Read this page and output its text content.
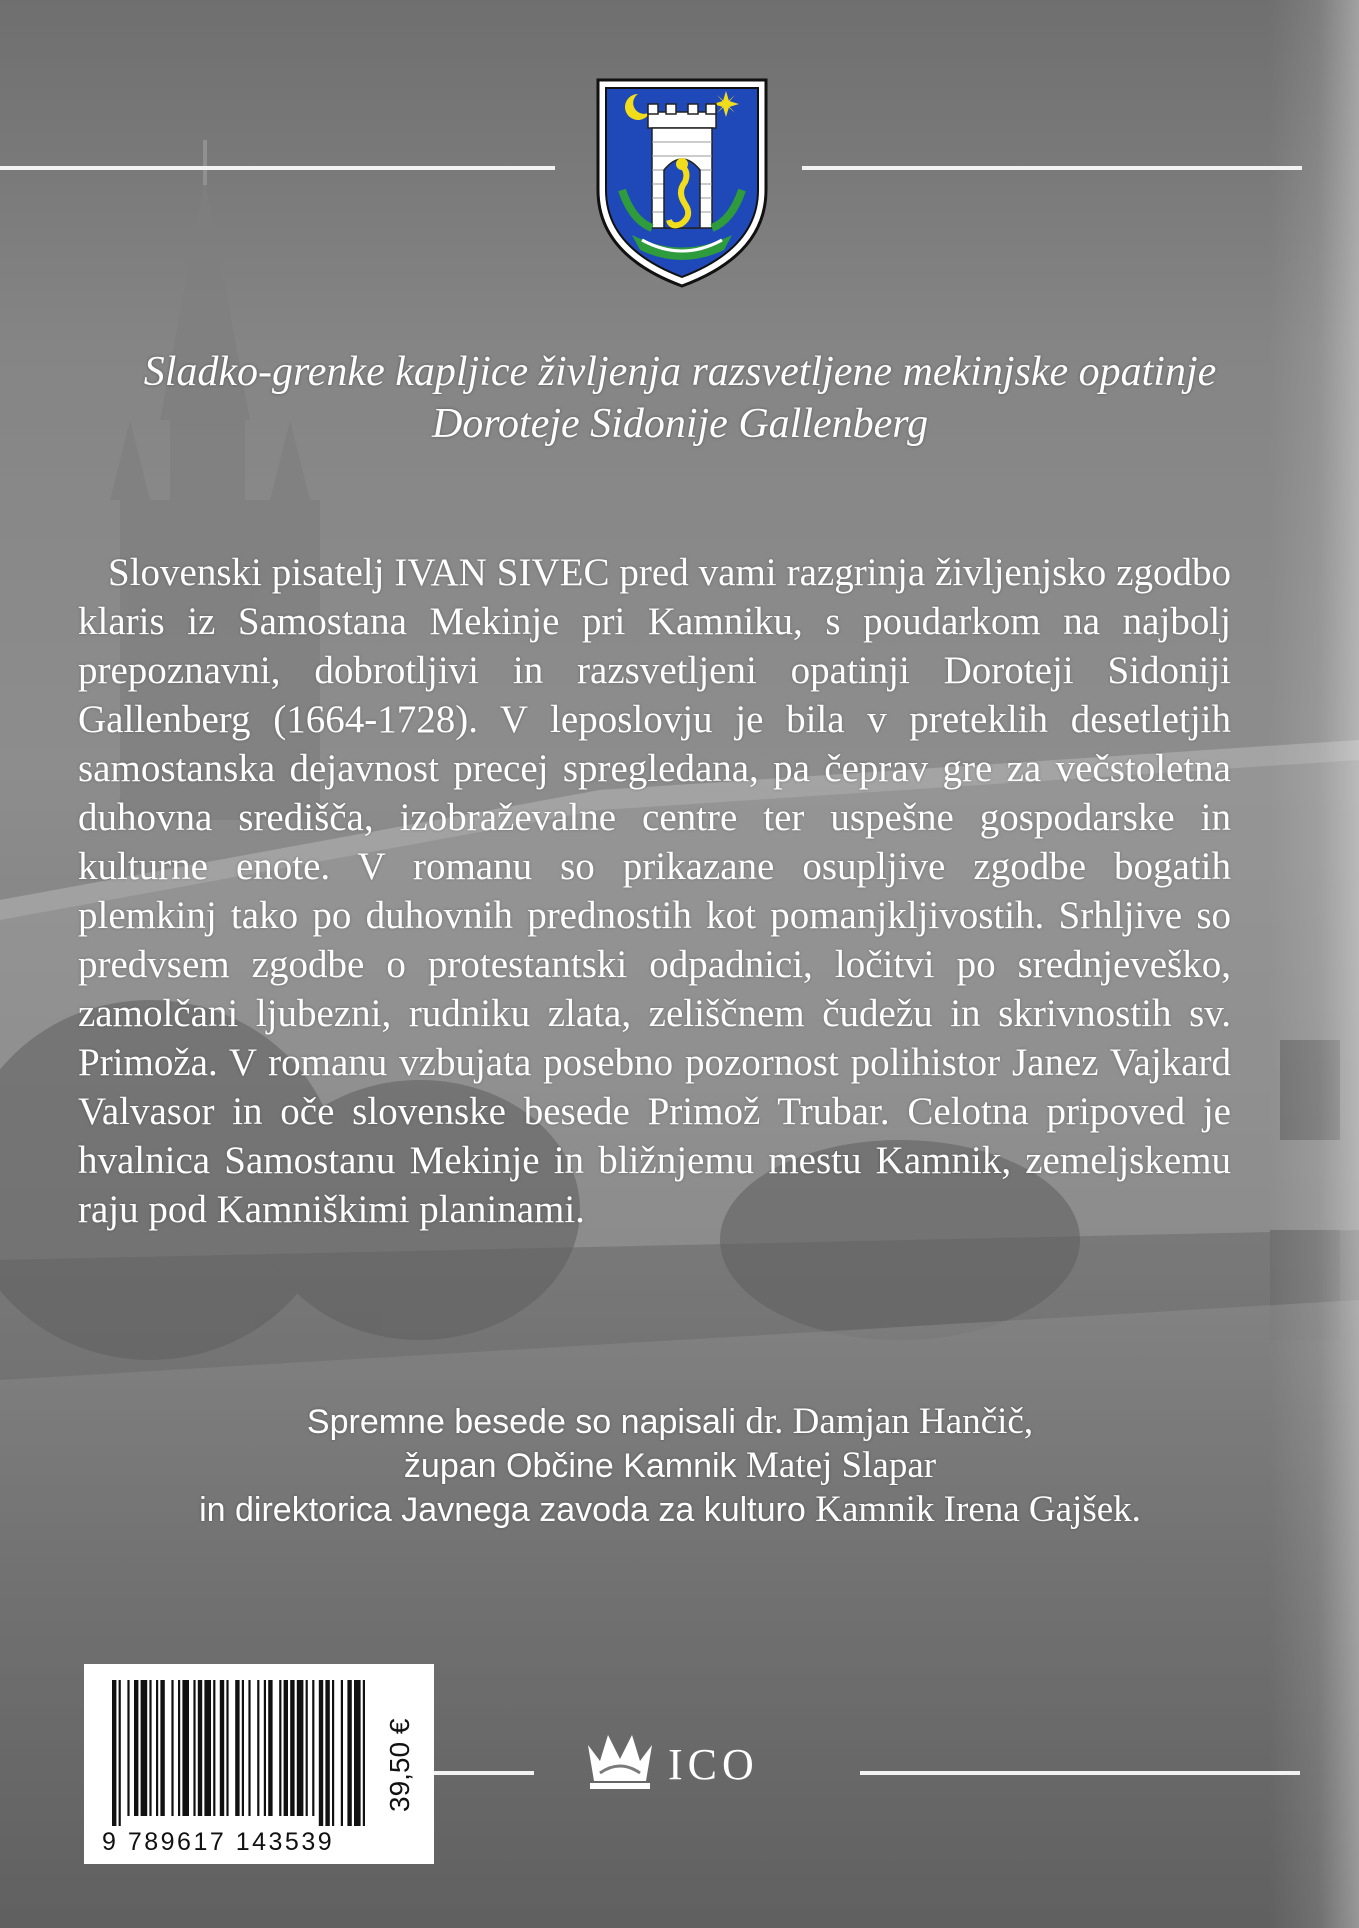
Sladko-grenke kapljice življenja razsvetljene mekinjske opatinje
Doroteje Sidonije Gallenberg
Slovenski pisatelj IVAN SIVEC pred vami razgrinja življenjsko zgodbo klaris iz Samostana Mekinje pri Kamniku, s poudarkom na najbolj prepoznavni, dobrotljivi in razsvetljeni opatinji Doroteji Sidoniji Gallenberg (1664-1728). V leposlovju je bila v preteklih desetletjih samostanska dejavnost precej spregledana, pa čeprav gre za večstoletna duhovna središča, izobraževalne centre ter uspešne gospodarske in kulturne enote. V romanu so prikazane osupljive zgodbe bogatih plemkinj tako po duhovnih prednostih kot pomanjkljivostih. Srhljive so predvsem zgodbe o protestantski odpadnici, ločitvi po srednjeveško, zamolčani ljubezni, rudniku zlata, zeliščnem čudežu in skrivnostih sv. Primoža. V romanu vzbujata posebno pozornost polihistor Janez Vajkard Valvasor in oče slovenske besede Primož Trubar. Celotna pripoved je hvalnica Samostanu Mekinje in bližnjemu mestu Kamnik, zemeljskemu raju pod Kamniškimi planinami.
Spremne besede so napisali dr. Damjan Hančič,
župan Občine Kamnik Matej Slapar
in direktorica Javnega zavoda za kulturo Kamnik Irena Gajšek.
9 789617 143539
39,50 €	ICO
